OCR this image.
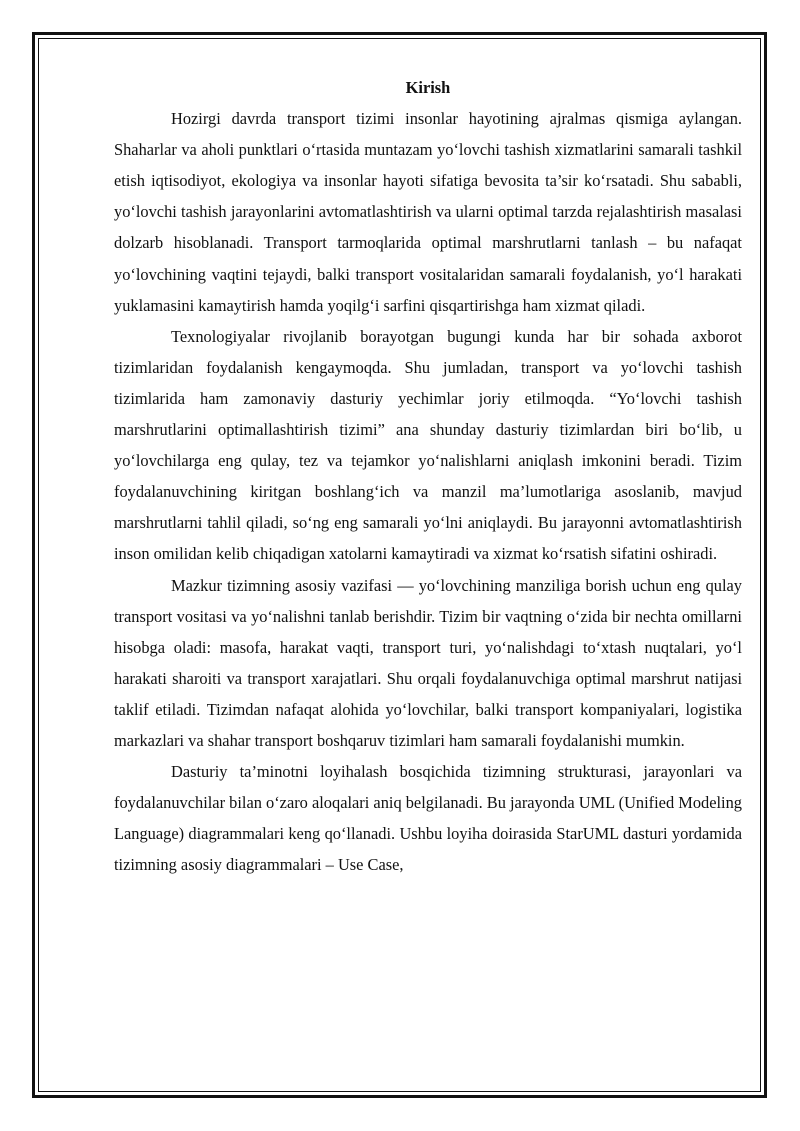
Kirish

Hozirgi davrda transport tizimi insonlar hayotining ajralmas qismiga aylangan. Shaharlar va aholi punktlari o‘rtasida muntazam yo‘lovchi tashish xizmatlarini samarali tashkil etish iqtisodiyot, ekologiya va insonlar hayoti sifatiga bevosita ta’sir ko‘rsatadi. Shu sababli, yo‘lovchi tashish jarayonlarini avtomatlashtirish va ularni optimal tarzda rejalashtirish masalasi dolzarb hisoblanadi. Transport tarmoqlarida optimal marshrutlarni tanlash – bu nafaqat yo‘lovchining vaqtini tejaydi, balki transport vositalaridan samarali foydalanish, yo‘l harakati yuklamasini kamaytirish hamda yoqilg‘i sarfini qisqartirishga ham xizmat qiladi.

Texnologiyalar rivojlanib borayotgan bugungi kunda har bir sohada axborot tizimlaridan foydalanish kengaymoqda. Shu jumladan, transport va yo‘lovchi tashish tizimlarida ham zamonaviy dasturiy yechimlar joriy etilmoqda. “Yo‘lovchi tashish marshrutlarini optimallashtirish tizimi” ana shunday dasturiy tizimlardan biri bo‘lib, u yo‘lovchilarga eng qulay, tez va tejamkor yo‘nalishlarni aniqlash imkonini beradi. Tizim foydalanuvchining kiritgan boshlang‘ich va manzil ma’lumotlariga asoslanib, mavjud marshrutlarni tahlil qiladi, so‘ng eng samarali yo‘lni aniqlaydi. Bu jarayonni avtomatlashtirish inson omilidan kelib chiqadigan xatolarni kamaytiradi va xizmat ko‘rsatish sifatini oshiradi.

Mazkur tizimning asosiy vazifasi — yo‘lovchining manziliga borish uchun eng qulay transport vositasi va yo‘nalishni tanlab berishdir. Tizim bir vaqtning o‘zida bir nechta omillarni hisobga oladi: masofa, harakat vaqti, transport turi, yo‘nalishdagi to‘xtash nuqtalari, yo‘l harakati sharoiti va transport xarajatlari. Shu orqali foydalanuvchiga optimal marshrut natijasi taklif etiladi. Tizimdan nafaqat alohida yo‘lovchilar, balki transport kompaniyalari, logistika markazlari va shahar transport boshqaruv tizimlari ham samarali foydalanishi mumkin.

Dasturiy ta’minotni loyihalash bosqichida tizimning strukturasi, jarayonlari va foydalanuvchilar bilan o‘zaro aloqalari aniq belgilanadi. Bu jarayonda UML (Unified Modeling Language) diagrammalari keng qo‘llanadi. Ushbu loyiha doirasida StarUML dasturi yordamida tizimning asosiy diagrammalari – Use Case,
